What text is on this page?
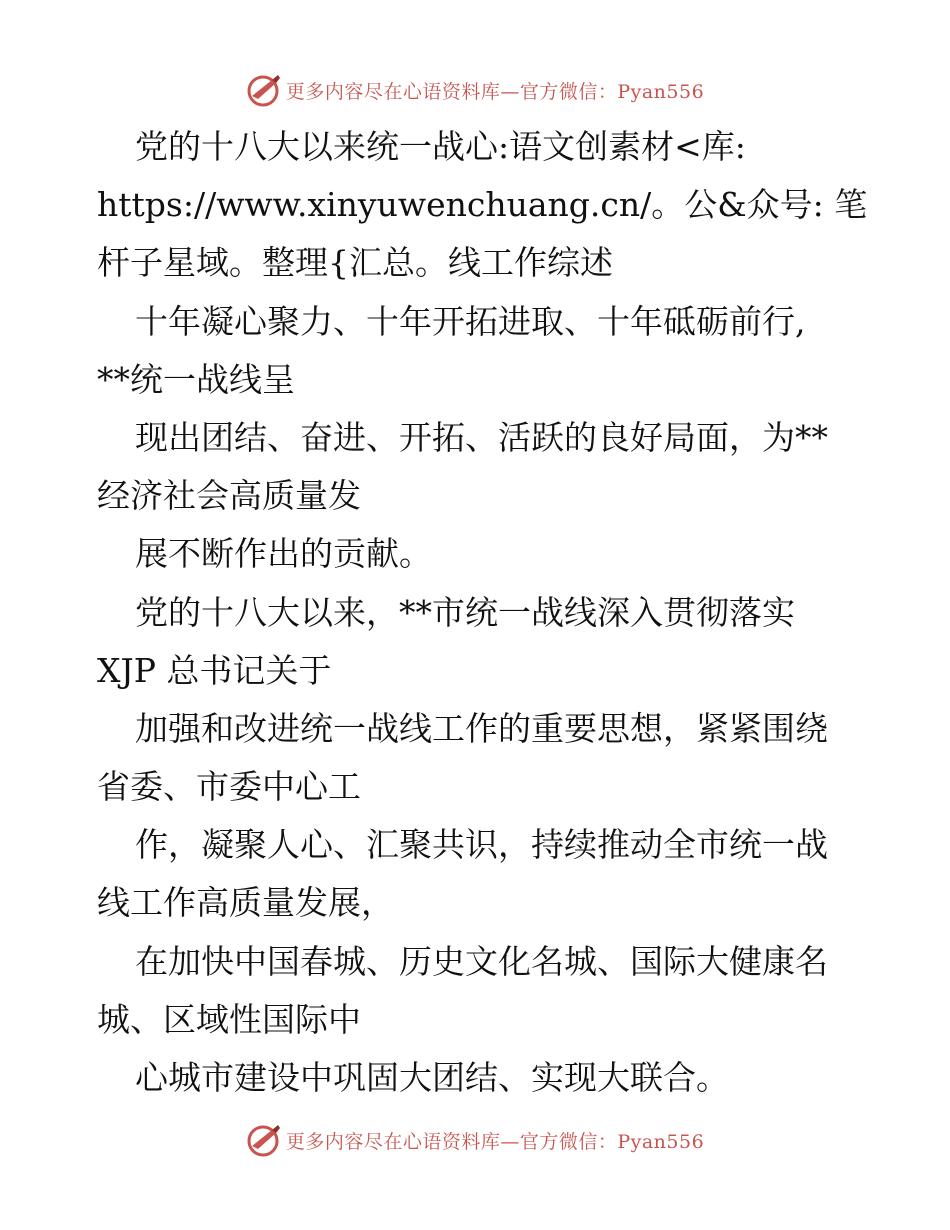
更多内容尽在心语资料库—官方微信：Pyan556

党的十八大以来统一战心:语文创素材<库:

https://www.xinyuwenchuang.cn/。公&众号: 笔

杆子星域。整理{汇总。线工作综述

十年凝心聚力、十年开拓进取、十年砥砺前行,

**统一战线呈

现出团结、奋进、开拓、活跃的良好局面，为**

经济社会高质量发

展不断作出的贡献。

党的十八大以来，**市统一战线深入贯彻落实

XJP 总书记关于

加强和改进统一战线工作的重要思想，紧紧围绕

省委、市委中心工

作，凝聚人心、汇聚共识，持续推动全市统一战

线工作高质量发展，

在加快中国春城、历史文化名城、国际大健康名

城、区域性国际中

心城市建设中巩固大团结、实现大联合。

更多内容尽在心语资料库—官方微信：Pyan556
